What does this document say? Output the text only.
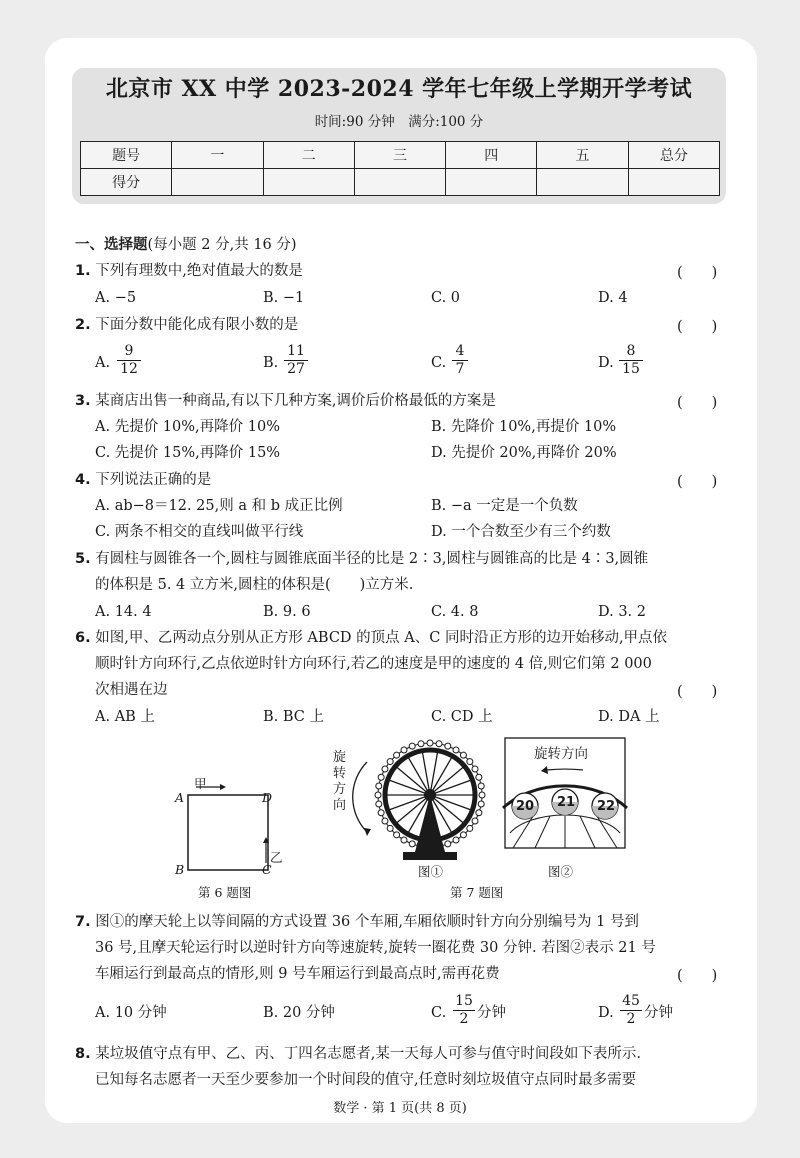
北京市 XX 中学 2023-2024 学年七年级上学期开学考试
时间:90 分钟　满分:100 分
题号	一	二	三	四	五	总分
得分						
一、选择题(每小题 2 分,共 16 分)
1. 下列有理数中,绝对值最大的数是	(　　)
A. −5	B. −1	C. 0	D. 4
2. 下面分数中能化成有限小数的是	(　　)
A. $\frac{9}{12}$	B. $\frac{11}{27}$	C. $\frac{4}{7}$	D. $\frac{8}{15}$
3. 某商店出售一种商品,有以下几种方案,调价后价格最低的方案是	(　　)
A. 先提价 10%,再降价 10%	B. 先降价 10%,再提价 10%
C. 先提价 15%,再降价 15%	D. 先提价 20%,再降价 20%
4. 下列说法正确的是	(　　)
A. ab−8＝12. 25,则 a 和 b 成正比例	B. −a 一定是一个负数
C. 两条不相交的直线叫做平行线	D. 一个合数至少有三个约数
5. 有圆柱与圆锥各一个,圆柱与圆锥底面半径的比是 2∶3,圆柱与圆锥高的比是 4∶3,圆锥
的体积是 5. 4 立方米,圆柱的体积是(　　)立方米.
A. 14. 4	B. 9. 6	C. 4. 8	D. 3. 2
6. 如图,甲、乙两动点分别从正方形 ABCD 的顶点 A、C 同时沿正方形的边开始移动,甲点依
顺时针方向环行,乙点依逆时针方向环行,若乙的速度是甲的速度的 4 倍,则它们第 2 000
次相遇在边	(　　)
A. AB 上	B. BC 上	C. CD 上	D. DA 上
A
B	C
D
甲
乙
第 6 题图
旋
转
方
向
图①
旋转方向
20 21 22
图②
第 7 题图
7. 图①的摩天轮上以等间隔的方式设置 36 个车厢,车厢依顺时针方向分别编号为 1 号到
36 号,且摩天轮运行时以逆时针方向等速旋转,旋转一圈花费 30 分钟. 若图②表示 21 号
车厢运行到最高点的情形,则 9 号车厢运行到最高点时,需再花费	(　　)
A. 10 分钟	B. 20 分钟	C. $\frac{15}{2}$ 分钟	D. $\frac{45}{2}$ 分钟
8. 某垃圾值守点有甲、乙、丙、丁四名志愿者,某一天每人可参与值守时间段如下表所示.
已知每名志愿者一天至少要参加一个时间段的值守,任意时刻垃圾值守点同时最多需要
数学 · 第 1 页(共 8 页)
